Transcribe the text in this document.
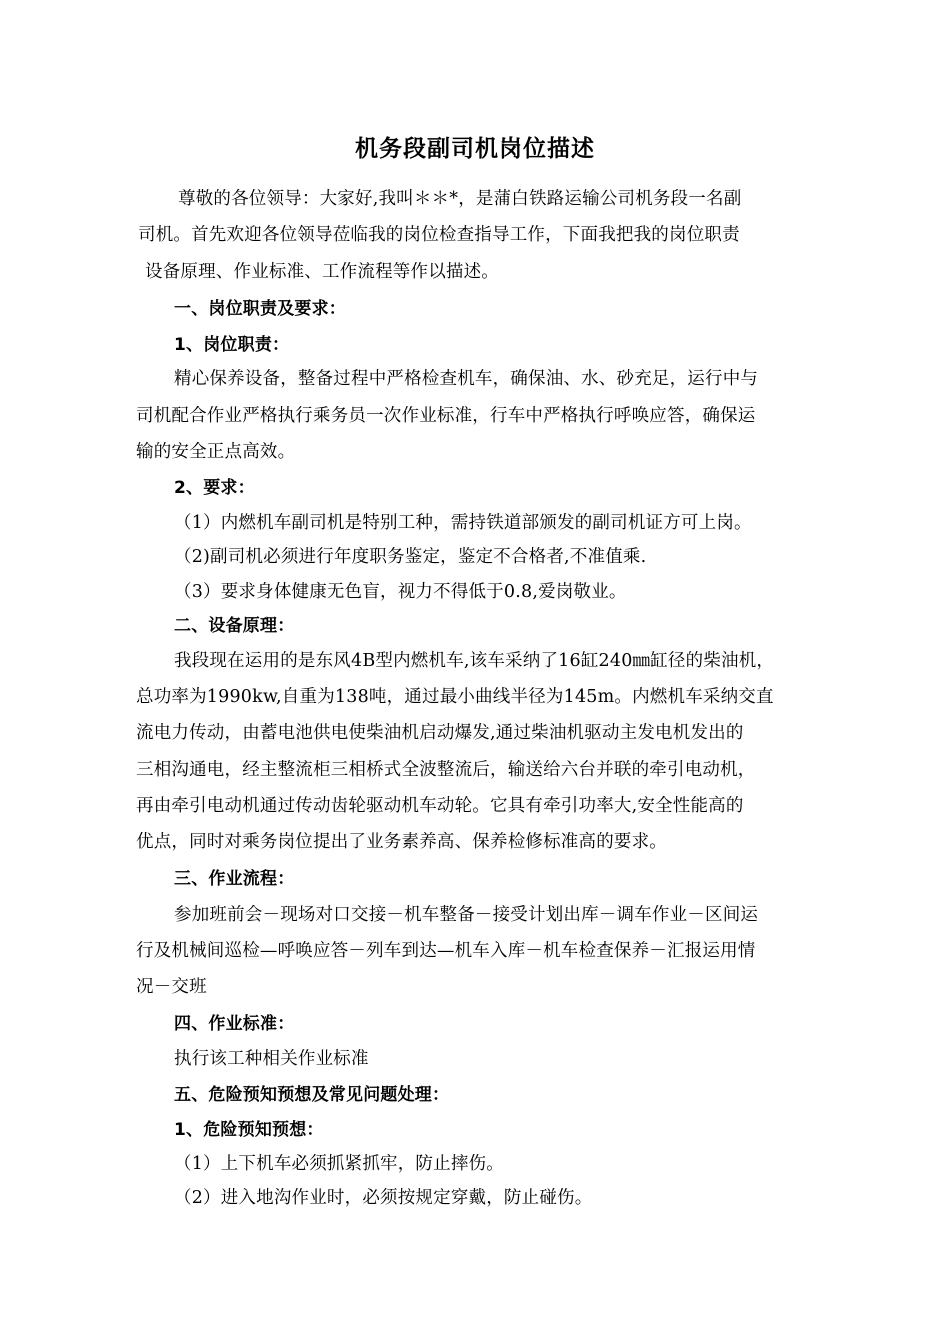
机务段副司机岗位描述
尊敬的各位领导：大家好,我叫＊＊*，是蒲白铁路运输公司机务段一名副
司机。首先欢迎各位领导莅临我的岗位检查指导工作，下面我把我的岗位职责
设备原理、作业标准、工作流程等作以描述。
一、岗位职责及要求：
1、岗位职责：
精心保养设备，整备过程中严格检查机车，确保油、水、砂充足，运行中与
司机配合作业严格执行乘务员一次作业标准，行车中严格执行呼唤应答，确保运
输的安全正点高效。
2、要求：
（1）内燃机车副司机是特别工种，需持铁道部颁发的副司机证方可上岗。
（2)副司机必须进行年度职务鉴定，鉴定不合格者,不准值乘.
（3）要求身体健康无色盲，视力不得低于0.8,爱岗敬业。
二、设备原理：
我段现在运用的是东风4B型内燃机车,该车采纳了16缸240㎜缸径的柴油机，
总功率为1990kw,自重为138吨，通过最小曲线半径为145m。内燃机车采纳交直
流电力传动，由蓄电池供电使柴油机启动爆发,通过柴油机驱动主发电机发出的
三相沟通电，经主整流柜三相桥式全波整流后，输送给六台并联的牵引电动机，
再由牵引电动机通过传动齿轮驱动机车动轮。它具有牵引功率大,安全性能高的
优点，同时对乘务岗位提出了业务素养高、保养检修标准高的要求。
三、作业流程：
参加班前会－现场对口交接－机车整备－接受计划出库－调车作业－区间运
行及机械间巡检—呼唤应答－列车到达—机车入库－机车检查保养－汇报运用情
况－交班
四、作业标准：
执行该工种相关作业标准
五、危险预知预想及常见问题处理：
1、危险预知预想：
（1）上下机车必须抓紧抓牢，防止摔伤。
（2）进入地沟作业时，必须按规定穿戴，防止碰伤。
